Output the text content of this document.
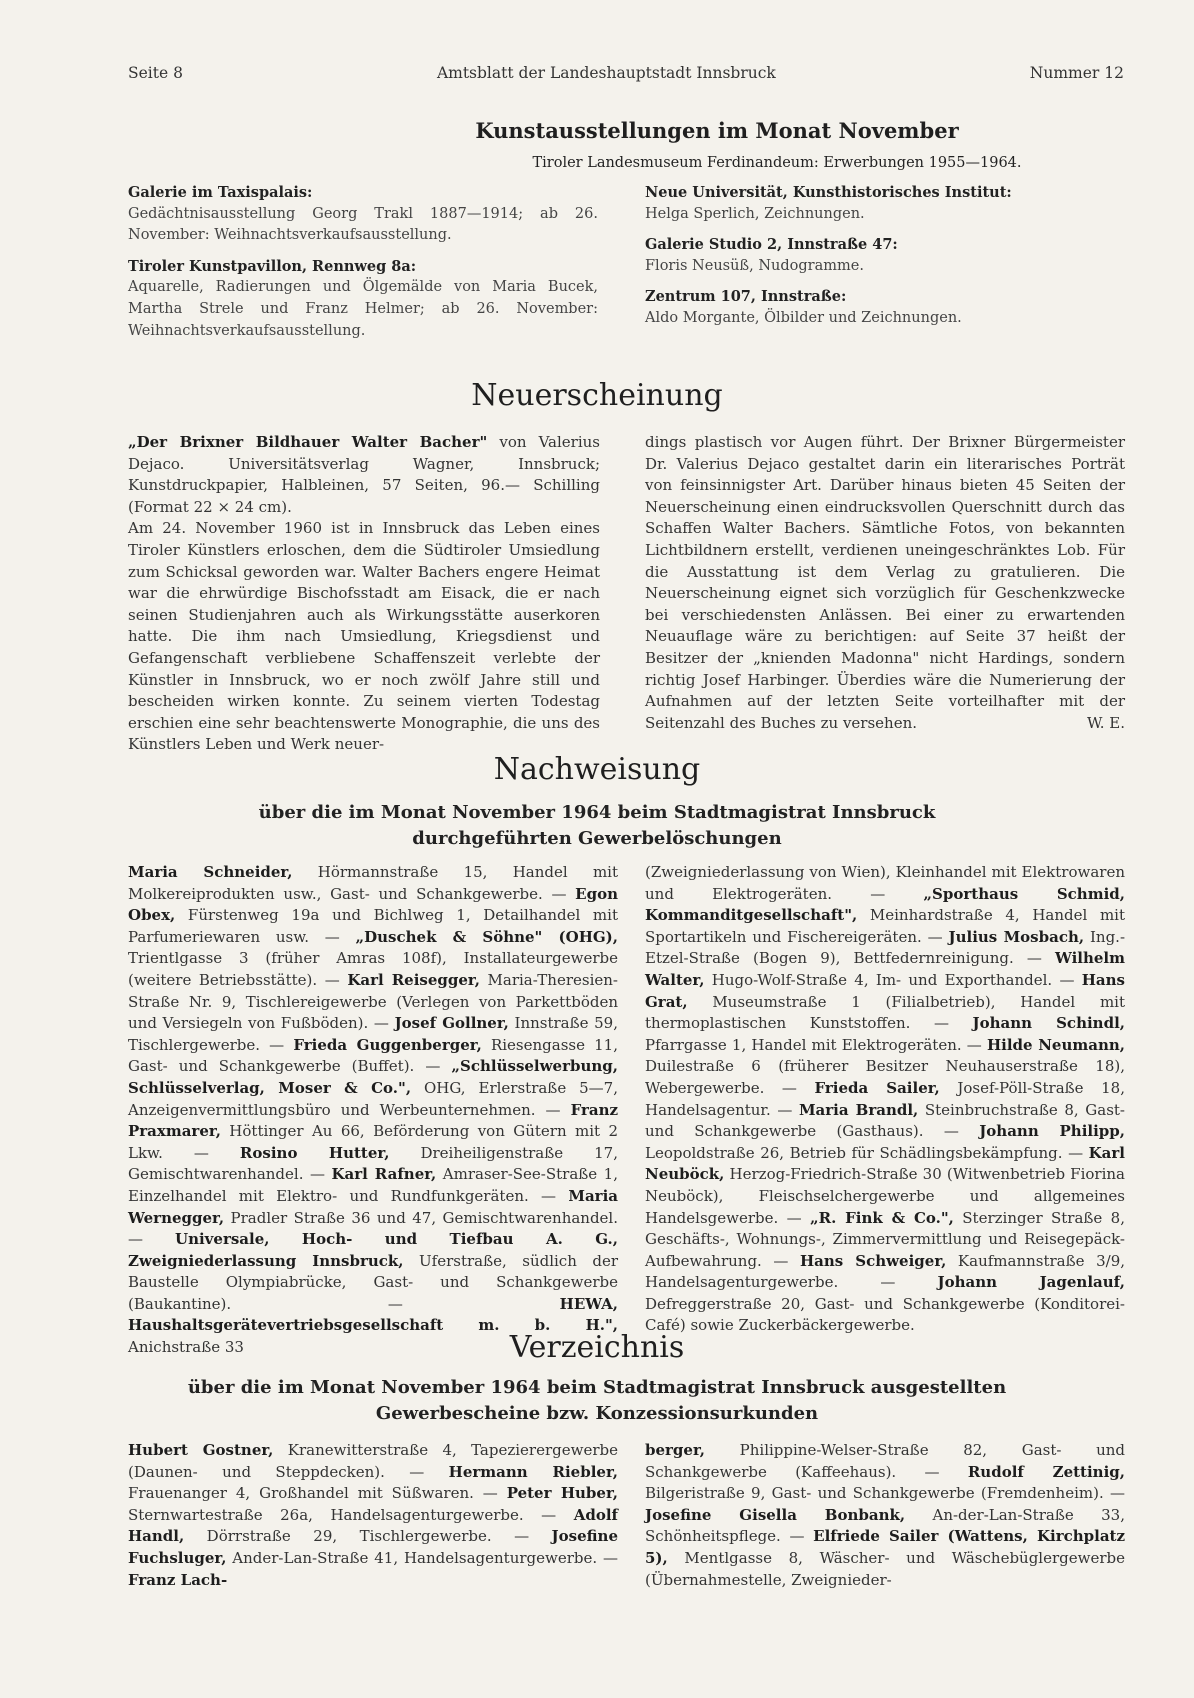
Seite 8	Amtsblatt der Landeshauptstadt Innsbruck	Nummer 12
Kunstausstellungen im Monat November
Tiroler Landesmuseum Ferdinandeum: Erwerbungen 1955—1964.
Galerie im Taxispalais:
Gedächtnisausstellung Georg Trakl 1887—1914; ab 26. November: Weihnachtsverkaufsausstellung.
Tiroler Kunstpavillon, Rennweg 8a:
Aquarelle, Radierungen und Ölgemälde von Maria Bucek, Martha Strele und Franz Helmer; ab 26. November: Weihnachtsverkaufsausstellung.
Neue Universität, Kunsthistorisches Institut:
Helga Sperlich, Zeichnungen.
Galerie Studio 2, Innstraße 47:
Floris Neusüß, Nudogramme.
Zentrum 107, Innstraße:
Aldo Morgante, Ölbilder und Zeichnungen.
Neuerscheinung

„Der Brixner Bildhauer Walter Bacher" von Valerius Dejaco. Universitätsverlag Wagner, Innsbruck; Kunstdruckpapier, Halbleinen, 57 Seiten, 96.— Schilling (Format 22 × 24 cm).

Am 24. November 1960 ist in Innsbruck das Leben eines Tiroler Künstlers erloschen, dem die Südtiroler Umsiedlung zum Schicksal geworden war. Walter Bachers engere Heimat war die ehrwürdige Bischofsstadt am Eisack, die er nach seinen Studienjahren auch als Wirkungsstätte auserkoren hatte. Die ihm nach Umsiedlung, Kriegsdienst und Gefangenschaft verbliebene Schaffenszeit verlebte der Künstler in Innsbruck, wo er noch zwölf Jahre still und bescheiden wirken konnte. Zu seinem vierten Todestag erschien eine sehr beachtenswerte Monographie, die uns des Künstlers Leben und Werk neuer-

dings plastisch vor Augen führt. Der Brixner Bürgermeister Dr. Valerius Dejaco gestaltet darin ein literarisches Porträt von feinsinnigster Art. Darüber hinaus bieten 45 Seiten der Neuerscheinung einen eindrucksvollen Querschnitt durch das Schaffen Walter Bachers. Sämtliche Fotos, von bekannten Lichtbildnern erstellt, verdienen uneingeschränktes Lob. Für die Ausstattung ist dem Verlag zu gratulieren. Die Neuerscheinung eignet sich vorzüglich für Geschenkzwecke bei verschiedensten Anlässen. Bei einer zu erwartenden Neuauflage wäre zu berichtigen: auf Seite 37 heißt der Besitzer der „knienden Madonna" nicht Hardings, sondern richtig Josef Harbinger. Überdies wäre die Numerierung der Aufnahmen auf der letzten Seite vorteilhafter mit der Seitenzahl des Buches zu versehen.	W. E.

Nachweisung
über die im Monat November 1964 beim Stadtmagistrat Innsbruck
durchgeführten Gewerbelöschungen

Maria Schneider, Hörmannstraße 15, Handel mit Molkereiprodukten usw., Gast- und Schankgewerbe. — Egon Obex, Fürstenweg 19a und Bichlweg 1, Detailhandel mit Parfumeriewaren usw. — „Duschek & Söhne" (OHG), Trientlgasse 3 (früher Amras 108f), Installateurgewerbe (weitere Betriebsstätte). — Karl Reisegger, Maria-Theresien-Straße Nr. 9, Tischlereigewerbe (Verlegen von Parkettböden und Versiegeln von Fußböden). — Josef Gollner, Innstraße 59, Tischlergewerbe. — Frieda Guggenberger, Riesengasse 11, Gast- und Schankgewerbe (Buffet). — „Schlüsselwerbung, Schlüsselverlag, Moser & Co.", OHG, Erlerstraße 5—7, Anzeigenvermittlungsbüro und Werbeunternehmen. — Franz Praxmarer, Höttinger Au 66, Beförderung von Gütern mit 2 Lkw. — Rosino Hutter, Dreiheiligenstraße 17, Gemischtwarenhandel. — Karl Rafner, Amraser-See-Straße 1, Einzelhandel mit Elektro- und Rundfunkgeräten. — Maria Wernegger, Pradler Straße 36 und 47, Gemischtwarenhandel. — Universale, Hoch- und Tiefbau A. G., Zweigniederlassung Innsbruck, Uferstraße, südlich der Baustelle Olympiabrücke, Gast- und Schankgewerbe (Baukantine). — HEWA, Haushaltsgerätevertriebsgesellschaft m. b. H.", Anichstraße 33

(Zweigniederlassung von Wien), Kleinhandel mit Elektrowaren und Elektrogeräten. — „Sporthaus Schmid, Kommanditgesellschaft", Meinhardstraße 4, Handel mit Sportartikeln und Fischereigeräten. — Julius Mosbach, Ing.-Etzel-Straße (Bogen 9), Bettfedernreinigung. — Wilhelm Walter, Hugo-Wolf-Straße 4, Im- und Exporthandel. — Hans Grat, Museumstraße 1 (Filialbetrieb), Handel mit thermoplastischen Kunststoffen. — Johann Schindl, Pfarrgasse 1, Handel mit Elektrogeräten. — Hilde Neumann, Duilestraße 6 (früherer Besitzer Neuhauserstraße 18), Webergewerbe. — Frieda Sailer, Josef-Pöll-Straße 18, Handelsagentur. — Maria Brandl, Steinbruchstraße 8, Gast- und Schankgewerbe (Gasthaus). — Johann Philipp, Leopoldstraße 26, Betrieb für Schädlingsbekämpfung. — Karl Neuböck, Herzog-Friedrich-Straße 30 (Witwenbetrieb Fiorina Neuböck), Fleischselchergewerbe und allgemeines Handelsgewerbe. — „R. Fink & Co.", Sterzinger Straße 8, Geschäfts-, Wohnungs-, Zimmervermittlung und Reisegepäck-Aufbewahrung. — Hans Schweiger, Kaufmannstraße 3/9, Handelsagenturgewerbe. — Johann Jagenlauf, Defreggerstraße 20, Gast- und Schankgewerbe (Konditorei-Café) sowie Zuckerbäckergewerbe.

Verzeichnis
über die im Monat November 1964 beim Stadtmagistrat Innsbruck ausgestellten
Gewerbescheine bzw. Konzessionsurkunden

Hubert Gostner, Kranewitterstraße 4, Tapezierergewerbe (Daunen- und Steppdecken). — Hermann Riebler, Frauenanger 4, Großhandel mit Süßwaren. — Peter Huber, Sternwartestraße 26a, Handelsagenturgewerbe. — Adolf Handl, Dörrstraße 29, Tischlergewerbe. — Josefine Fuchsluger, Ander-Lan-Straße 41, Handelsagenturgewerbe. — Franz Lach-

berger, Philippine-Welser-Straße 82, Gast- und Schankgewerbe (Kaffeehaus). — Rudolf Zettinig, Bilgeristraße 9, Gast- und Schankgewerbe (Fremdenheim). — Josefine Gisella Bonbank, An-der-Lan-Straße 33, Schönheitspflege. — Elfriede Sailer (Wattens, Kirchplatz 5), Mentlgasse 8, Wäscher- und Wäschebüglergewerbe (Übernahmestelle, Zweignieder-
